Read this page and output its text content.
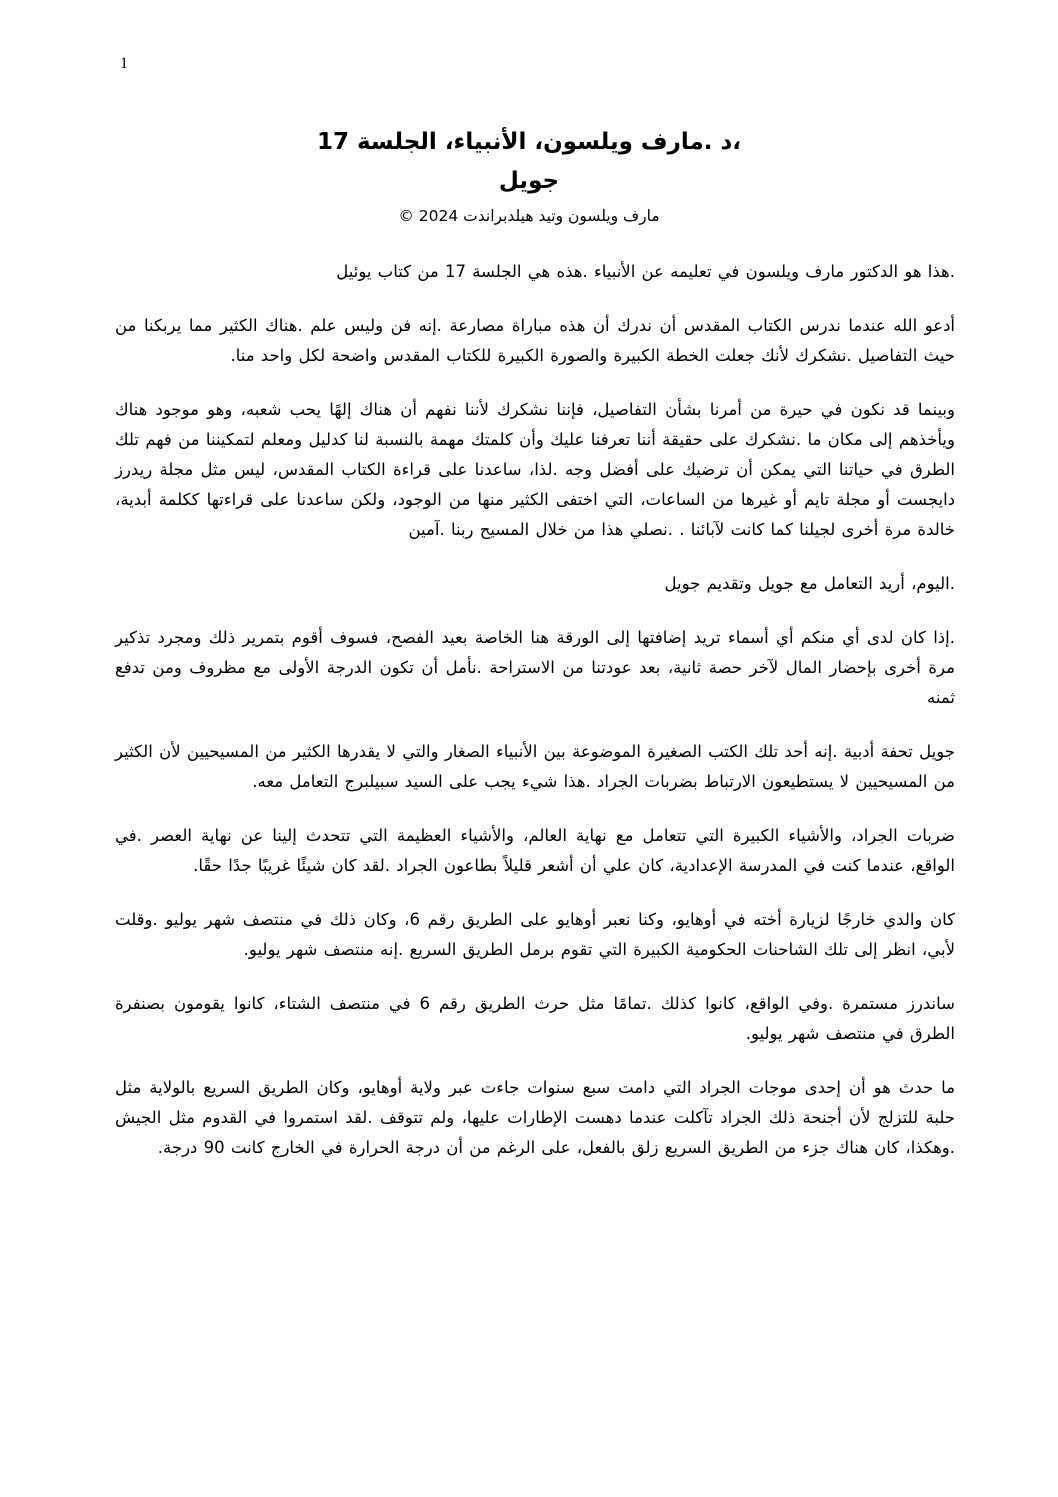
1
،د .مارف ويلسون، الأنبياء، الجلسة 17
جويل
مارف ويلسون وتيد هيلدبراندت 2024 ©

.هذا هو الدكتور مارف ويلسون في تعليمه عن الأنبياء .هذه هي الجلسة 17 من كتاب يوئيل

أدعو الله عندما ندرس الكتاب المقدس أن ندرك أن هذه مباراة مصارعة .إنه فن وليس علم .هناك الكثير مما يربكنا من حيث التفاصيل .نشكرك لأنك جعلت الخطة الكبيرة والصورة الكبيرة للكتاب المقدس واضحة لكل واحد منا.

وبينما قد نكون في حيرة من أمرنا بشأن التفاصيل، فإننا نشكرك لأننا نفهم أن هناك إلهًا يحب شعبه، وهو موجود هناك ويأخذهم إلى مكان ما .نشكرك على حقيقة أننا تعرفنا عليك وأن كلمتك مهمة بالنسبة لنا كدليل ومعلم لتمكيننا من فهم تلك الطرق في حياتنا التي يمكن أن ترضيك على أفضل وجه .لذا، ساعدنا على قراءة الكتاب المقدس، ليس مثل مجلة ريدرز دايجست أو مجلة تايم أو غيرها من الساعات، التي اختفى الكثير منها من الوجود، ولكن ساعدنا على قراءتها ككلمة أبدية، خالدة مرة أخرى لجيلنا كما كانت لآبائنا . .نصلي هذا من خلال المسيح ربنا .آمين

.اليوم، أريد التعامل مع جويل وتقديم جويل

.إذا كان لدى أي منكم أي أسماء تريد إضافتها إلى الورقة هنا الخاصة بعيد الفصح، فسوف أقوم بتمرير ذلك ومجرد تذكير مرة أخرى بإحضار المال لآخر حصة ثانية، بعد عودتنا من الاستراحة .نأمل أن تكون الدرجة الأولى مع مظروف ومن تدفع ثمنه

جويل تحفة أدبية .إنه أحد تلك الكتب الصغيرة الموضوعة بين الأنبياء الصغار والتي لا يقدرها الكثير من المسيحيين لأن الكثير من المسيحيين لا يستطيعون الارتباط بضربات الجراد .هذا شيء يجب على السيد سبيلبرج التعامل معه.

ضربات الجراد، والأشياء الكبيرة التي تتعامل مع نهاية العالم، والأشياء العظيمة التي تتحدث إلينا عن نهاية العصر .في الواقع، عندما كنت في المدرسة الإعدادية، كان علي أن أشعر قليلاً بطاعون الجراد .لقد كان شيئًا غريبًا جدًا حقًا.

كان والدي خارجًا لزيارة أخته في أوهايو، وكنا نعبر أوهايو على الطريق رقم 6، وكان ذلك في منتصف شهر يوليو .وقلت لأبي، انظر إلى تلك الشاحنات الحكومية الكبيرة التي تقوم برمل الطريق السريع .إنه منتصف شهر يوليو.

ساندرز مستمرة .وفي الواقع، كانوا كذلك .تمامًا مثل حرث الطريق رقم 6 في منتصف الشتاء، كانوا يقومون بصنفرة الطرق في منتصف شهر يوليو.

ما حدث هو أن إحدى موجات الجراد التي دامت سبع سنوات جاءت عبر ولاية أوهايو، وكان الطريق السريع بالولاية مثل حلبة للتزلج لأن أجنحة ذلك الجراد تآكلت عندما دهست الإطارات عليها، ولم تتوقف .لقد استمروا في القدوم مثل الجيش .وهكذا، كان هناك جزء من الطريق السريع زلق بالفعل، على الرغم من أن درجة الحرارة في الخارج كانت 90 درجة.
